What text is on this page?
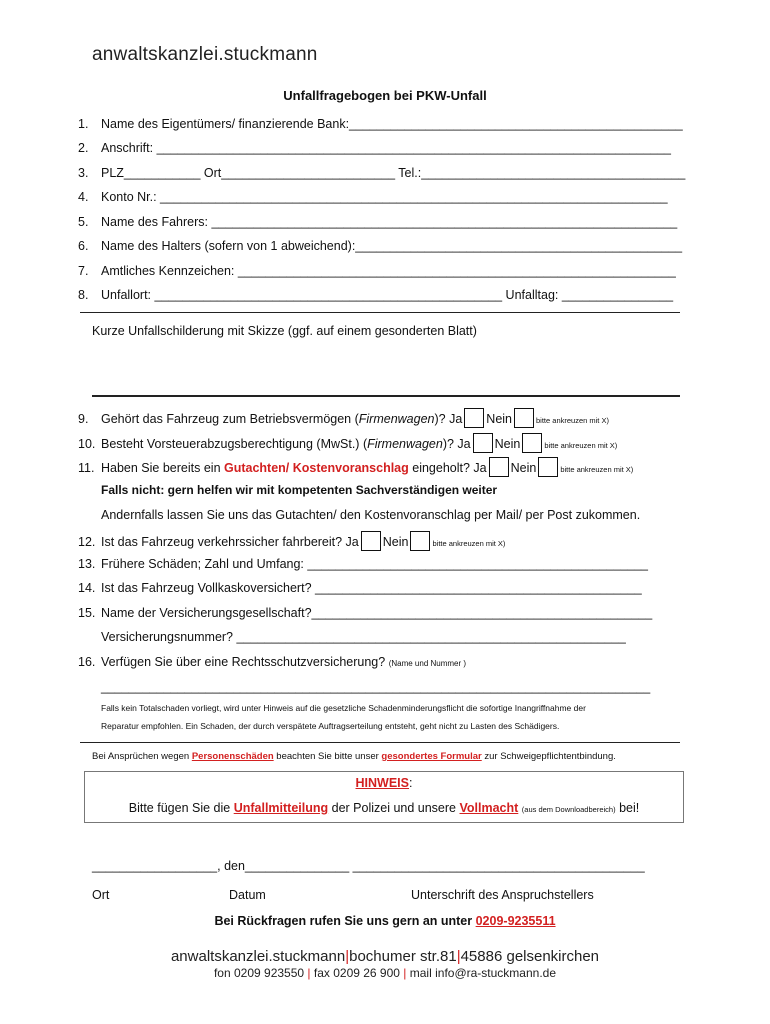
anwaltskanzlei.stuckmann
Unfallfragebogen bei PKW-Unfall
1. Name des Eigentümers/ finanzierende Bank:________________________________________________
2. Anschrift: __________________________________________________________________________
3. PLZ___________ Ort_________________________ Tel.:______________________________________
4. Konto Nr.: _________________________________________________________________________
5. Name des Fahrers: ___________________________________________________________________
6. Name des Halters (sofern von 1 abweichend):_______________________________________________
7. Amtliches Kennzeichen: _______________________________________________________________
8. Unfallort: __________________________________________________ Unfalltag: ________________
Kurze Unfallschilderung mit Skizze (ggf. auf einem gesonderten Blatt)
9. Gehört das Fahrzeug zum Betriebsvermögen (Firmenwagen)? Ja Nein	bitte ankreuzen mit X)
10. Besteht Vorsteuerabzugsberechtigung (MwSt.) (Firmenwagen)? Ja Nein	bitte ankreuzen mit X)
11. Haben Sie bereits ein Gutachten/ Kostenvoranschlag eingeholt? Ja Nein	bitte ankreuzen mit X)
Falls nicht: gern helfen wir mit kompetenten Sachverständigen weiter
Andernfalls lassen Sie uns das Gutachten/ den Kostenvoranschlag per Mail/ per Post zukommen.
12. Ist das Fahrzeug verkehrssicher fahrbereit? Ja Nein	bitte ankreuzen mit X)
13. Frühere Schäden; Zahl und Umfang: _________________________________________________
14. Ist das Fahrzeug Vollkaskoversichert? _______________________________________________
15. Name der Versicherungsgesellschaft?_________________________________________________
Versicherungsnummer? ________________________________________________________
16. Verfügen Sie über eine Rechtsschutzversicherung? (Name und Nummer )
_______________________________________________________________________________
Falls kein Totalschaden vorliegt, wird unter Hinweis auf die gesetzliche Schadenminderungsflicht die sofortige Inangriffnahme der
Reparatur empfohlen. Ein Schaden, der durch verspätete Auftragserteilung entsteht, geht nicht zu Lasten des Schädigers.
Bei Ansprüchen wegen Personenschäden beachten Sie bitte unser gesondertes Formular zur Schweigepflichtentbindung.
HINWEIS:
Bitte fügen Sie die Unfallmitteilung der Polizei und unsere Vollmacht (aus dem Downloadbereich) bei!
__________________, den_______________ __________________________________________
Ort	Datum	Unterschrift des Anspruchstellers
Bei Rückfragen rufen Sie uns gern an unter 0209-9235511
anwaltskanzlei.stuckmann|bochumer str.81|45886 gelsenkirchen
fon 0209 923550 | fax 0209 26 900 | mail info@ra-stuckmann.de
